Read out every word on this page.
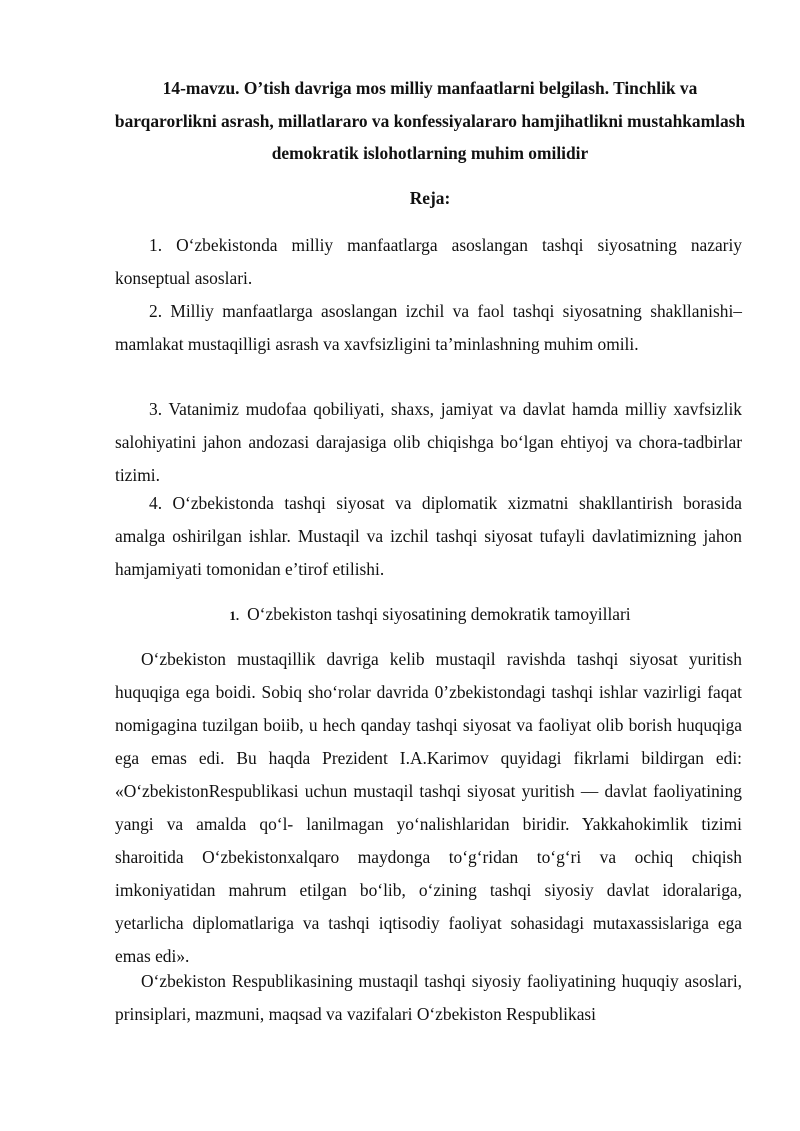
14-mavzu. O’tish davriga mos milliy manfaatlarni belgilash. Tinchlik va barqarorlikni asrash, millatlararo va konfessiyalararo hamjihatlikni mustahkamlash demokratik islohotlarning muhim omilidir
Reja:
1. O‘zbekistonda milliy manfaatlarga asoslangan tashqi siyosatning nazariy konseptual asoslari.
2. Milliy manfaatlarga asoslangan izchil va faol tashqi siyosatning shakllanishi–mamlakat mustaqilligi asrash va xavfsizligini ta’minlashning muhim omili.
3. Vatanimiz mudofaa qobiliyati, shaxs, jamiyat va davlat hamda milliy xavfsizlik salohiyatini jahon andozasi darajasiga olib chiqishga bo‘lgan ehtiyoj va chora-tadbirlar tizimi.
4. O‘zbekistonda tashqi siyosat va diplomatik xizmatni shakllantirish borasida amalga oshirilgan ishlar. Mustaqil va izchil tashqi siyosat tufayli davlatimizning jahon hamjamiyati tomonidan e’tirof etilishi.
1. O‘zbekiston tashqi siyosatining demokratik tamoyillari
O‘zbekiston mustaqillik davriga kelib mustaqil ravishda tashqi siyosat yuritish huquqiga ega boidi. Sobiq sho‘rolar davrida 0’zbekistondagi tashqi ishlar vazirligi faqat nomigagina tuzilgan boiib, u hech qanday tashqi siyosat va faoliyat olib borish huquqiga ega emas edi. Bu haqda Prezident I.A.Karimov quyidagi fikrlami bildirgan edi: «O‘zbekistonRespublikasi uchun mustaqil tashqi siyosat yuritish — davlat faoliyatining yangi va amalda qo‘l- lanilmagan yo‘nalishlaridan biridir. Yakkahokimlik tizimi sharoitida O‘zbekistonxalqaro maydonga to‘g‘ridan to‘g‘ri va ochiq chiqish imkoniyatidan mahrum etilgan bo‘lib, o‘zining tashqi siyosiy davlat idoralariga, yetarlicha diplomatlariga va tashqi iqtisodiy faoliyat sohasidagi mutaxassislariga ega emas edi».
O‘zbekiston Respublikasining mustaqil tashqi siyosiy faoliyatining huquqiy asoslari, prinsiplari, mazmuni, maqsad va vazifalari O‘zbekiston Respublikasi
